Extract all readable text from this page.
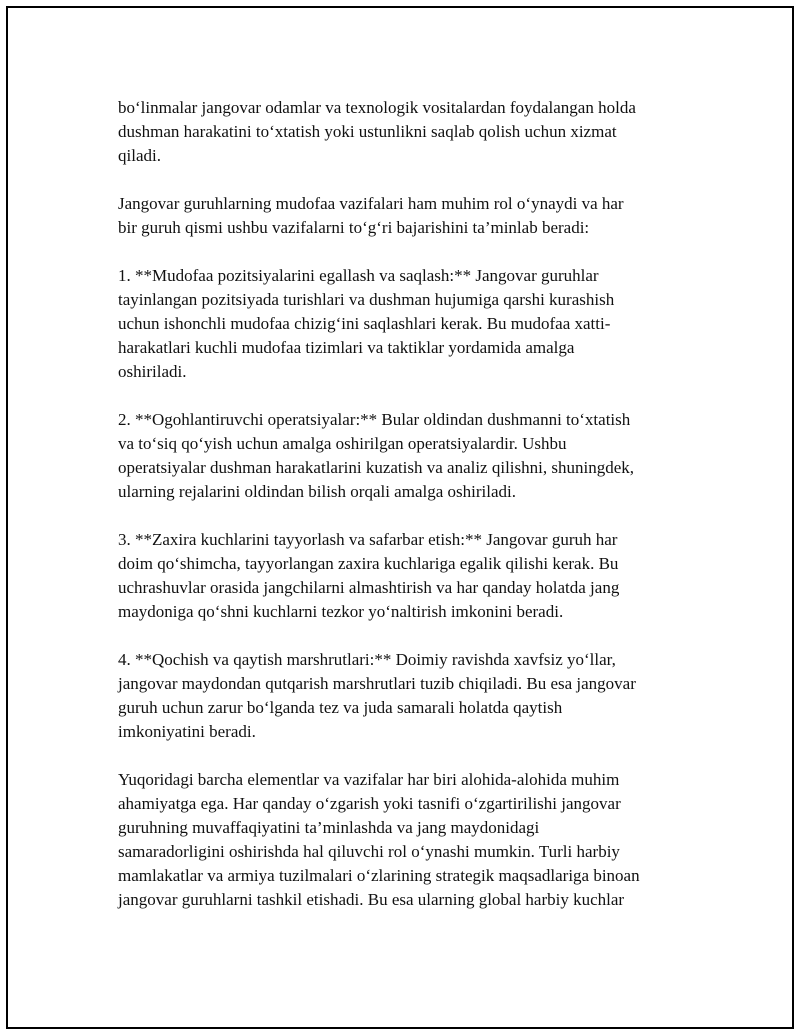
bo‘linmalar jangovar odamlar va texnologik vositalardan foydalangan holda
dushman harakatini to‘xtatish yoki ustunlikni saqlab qolish uchun xizmat
qiladi.

Jangovar guruhlarning mudofaa vazifalari ham muhim rol o‘ynaydi va har
bir guruh qismi ushbu vazifalarni to‘g‘ri bajarishini ta’minlab beradi:

1. **Mudofaa pozitsiyalarini egallash va saqlash:** Jangovar guruhlar
tayinlangan pozitsiyada turishlari va dushman hujumiga qarshi kurashish
uchun ishonchli mudofaa chizig‘ini saqlashlari kerak. Bu mudofaa xatti-
harakatlari kuchli mudofaa tizimlari va taktiklar yordamida amalga
oshiriladi.

2. **Ogohlantiruvchi operatsiyalar:** Bular oldindan dushmanni to‘xtatish
va to‘siq qo‘yish uchun amalga oshirilgan operatsiyalardir. Ushbu
operatsiyalar dushman harakatlarini kuzatish va analiz qilishni, shuningdek,
ularning rejalarini oldindan bilish orqali amalga oshiriladi.

3. **Zaxira kuchlarini tayyorlash va safarbar etish:** Jangovar guruh har
doim qo‘shimcha, tayyorlangan zaxira kuchlariga egalik qilishi kerak. Bu
uchrashuvlar orasida jangchilarni almashtirish va har qanday holatda jang
maydoniga qo‘shni kuchlarni tezkor yo‘naltirish imkonini beradi.

4. **Qochish va qaytish marshrutlari:** Doimiy ravishda xavfsiz yo‘llar,
jangovar maydondan qutqarish marshrutlari tuzib chiqiladi. Bu esa jangovar
guruh uchun zarur bo‘lganda tez va juda samarali holatda qaytish
imkoniyatini beradi.

Yuqoridagi barcha elementlar va vazifalar har biri alohida-alohida muhim
ahamiyatga ega. Har qanday o‘zgarish yoki tasnifi o‘zgartirilishi jangovar
guruhning muvaffaqiyatini ta’minlashda va jang maydonidagi
samaradorligini oshirishda hal qiluvchi rol o‘ynashi mumkin. Turli harbiy
mamlakatlar va armiya tuzilmalari o‘zlarining strategik maqsadlariga binoan
jangovar guruhlarni tashkil etishadi. Bu esa ularning global harbiy kuchlar
